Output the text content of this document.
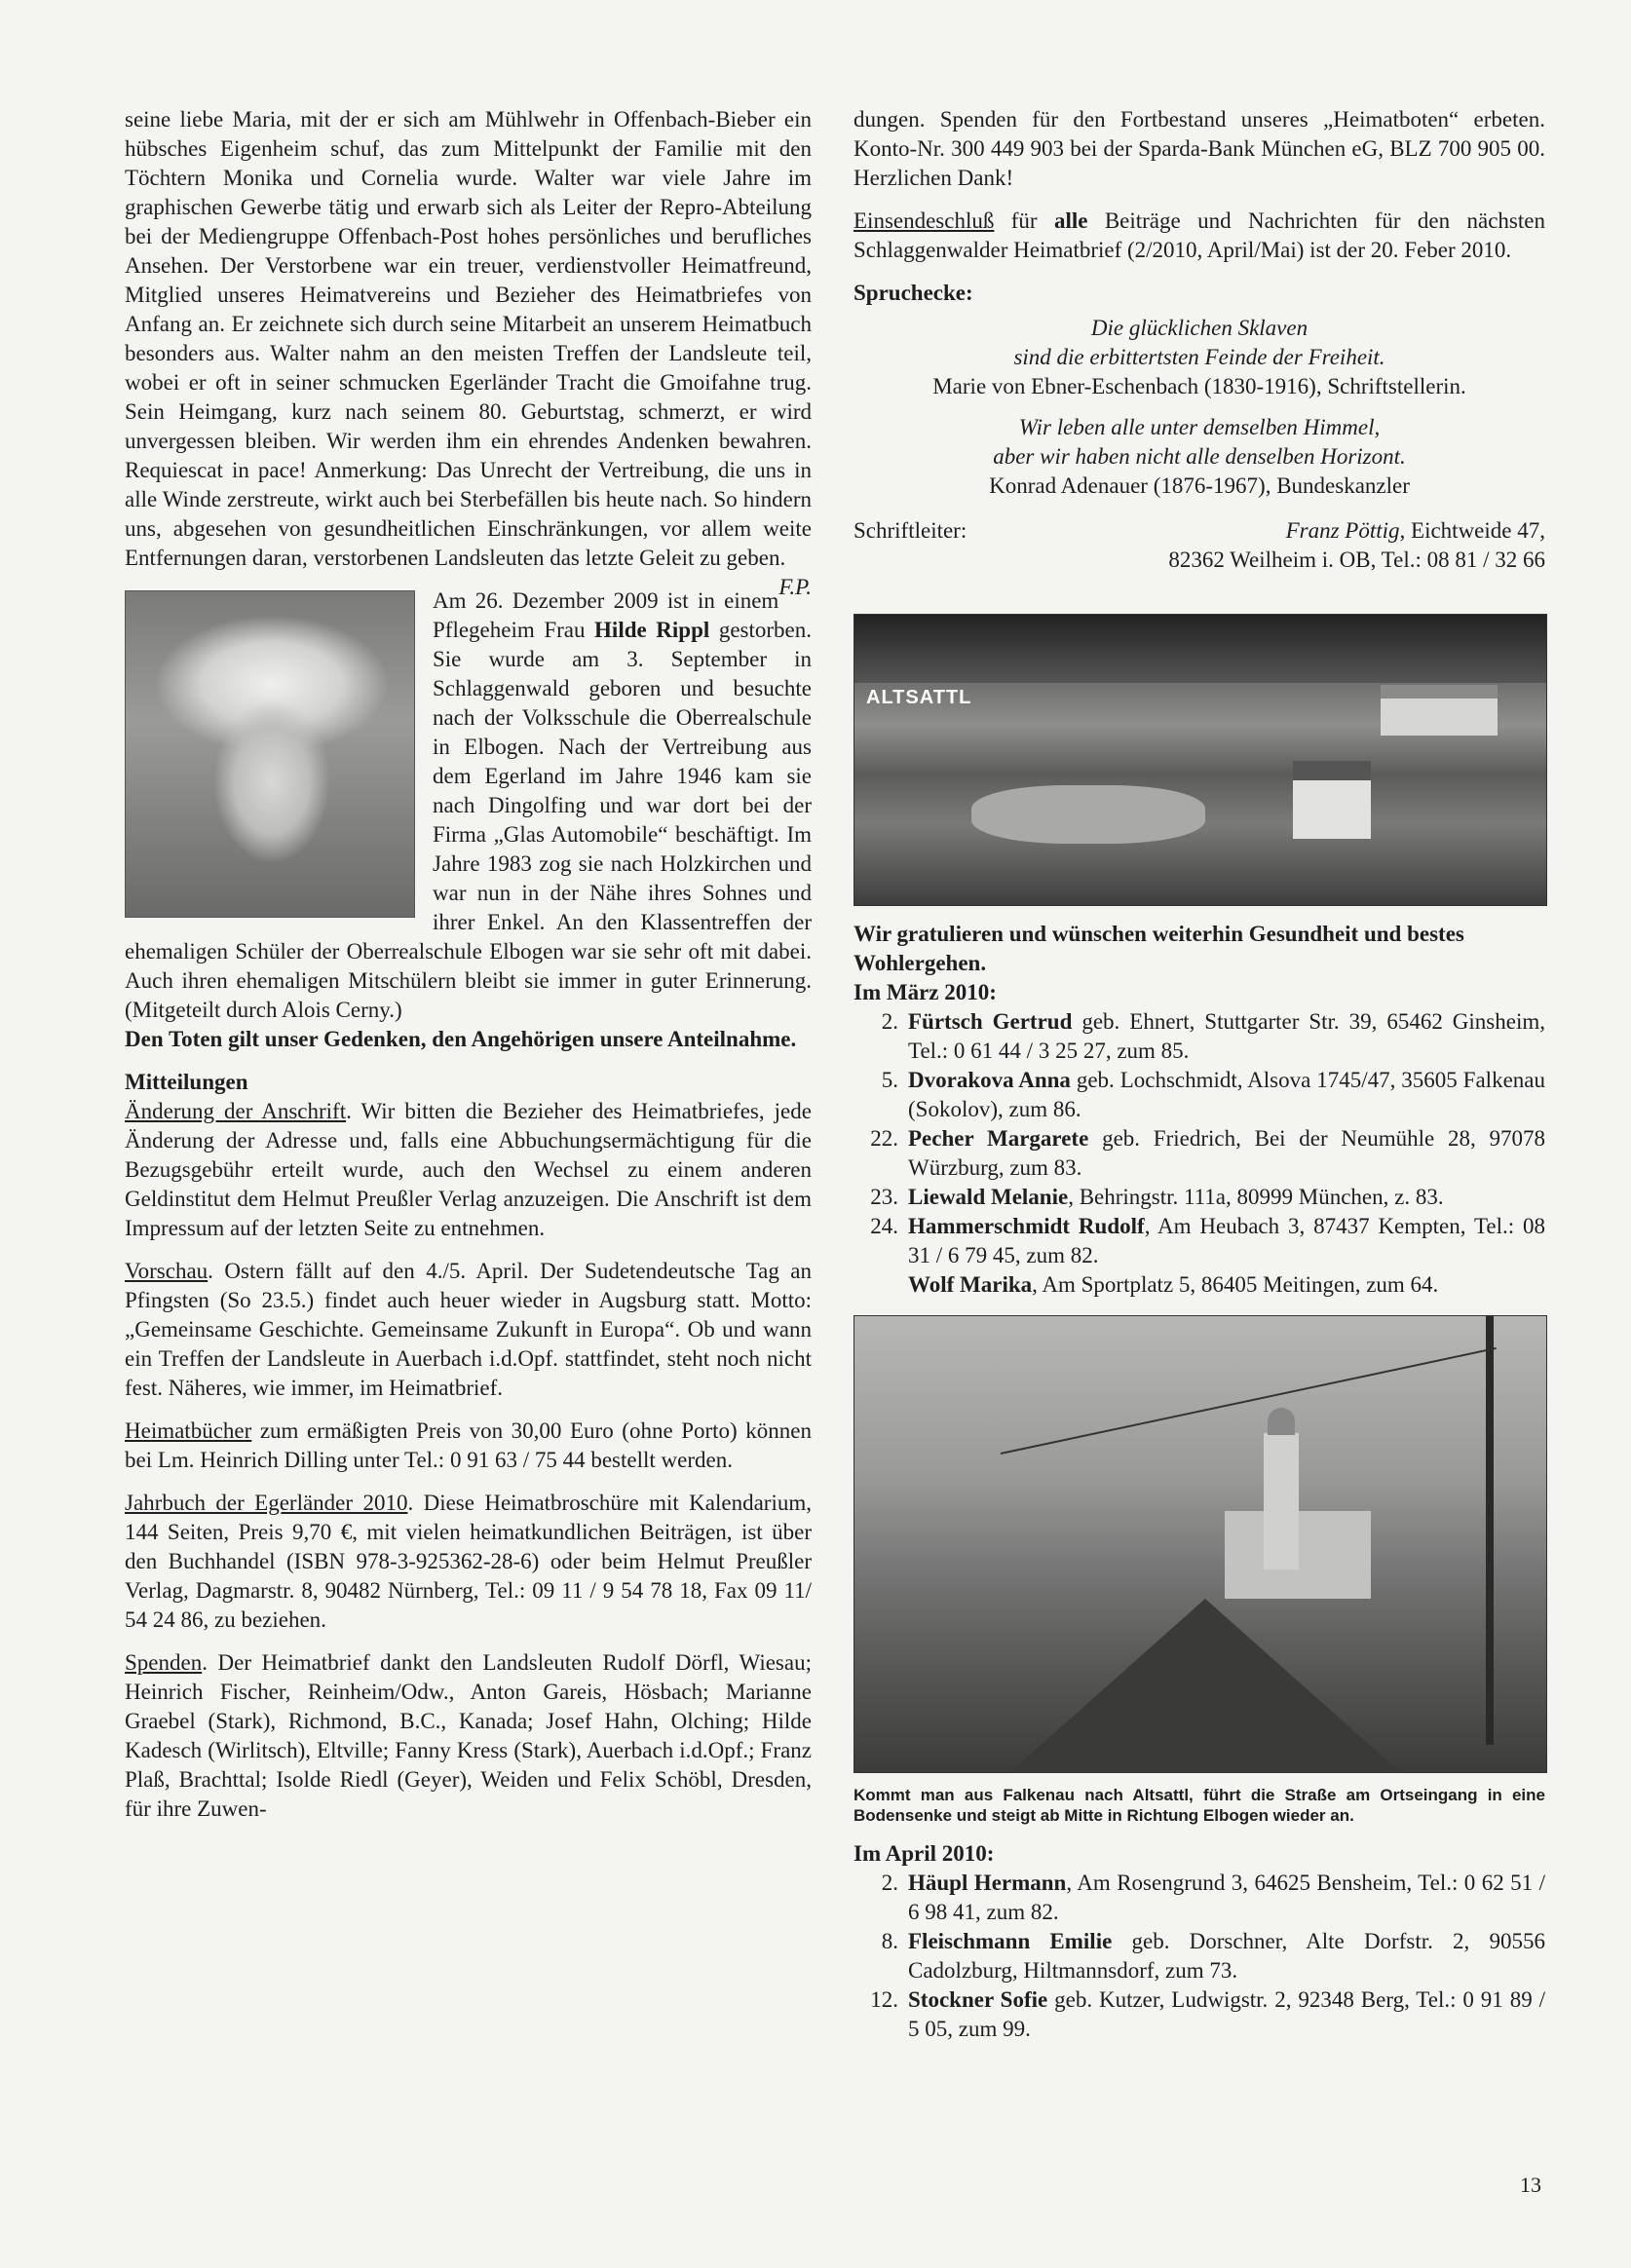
seine liebe Maria, mit der er sich am Mühlwehr in Offenbach-Bieber ein hübsches Eigenheim schuf, das zum Mittelpunkt der Familie mit den Töchtern Monika und Cornelia wurde. Walter war viele Jahre im graphischen Gewerbe tätig und erwarb sich als Leiter der Repro-Abteilung bei der Mediengruppe Offenbach-Post hohes persönliches und berufliches Ansehen. Der Verstorbene war ein treuer, verdienstvoller Heimatfreund, Mitglied unseres Heimatvereins und Bezieher des Heimatbriefes von Anfang an. Er zeichnete sich durch seine Mitarbeit an unserem Heimatbuch besonders aus. Walter nahm an den meisten Treffen der Landsleute teil, wobei er oft in seiner schmucken Egerländer Tracht die Gmoifahne trug. Sein Heimgang, kurz nach seinem 80. Geburtstag, schmerzt, er wird unvergessen bleiben. Wir werden ihm ein ehrendes Andenken bewahren. Requiescat in pace! Anmerkung: Das Unrecht der Vertreibung, die uns in alle Winde zerstreute, wirkt auch bei Sterbefällen bis heute nach. So hindern uns, abgesehen von gesundheitlichen Einschränkungen, vor allem weite Entfernungen daran, verstorbenen Landsleuten das letzte Geleit zu geben.
F.P.

Am 26. Dezember 2009 ist in einem Pflegeheim Frau Hilde Rippl gestorben. Sie wurde am 3. September in Schlaggenwald geboren und besuchte nach der Volksschule die Oberrealschule in Elbogen. Nach der Vertreibung aus dem Egerland im Jahre 1946 kam sie nach Dingolfing und war dort bei der Firma „Glas Automobile“ beschäftigt. Im Jahre 1983 zog sie nach Holzkirchen und war nun in der Nähe ihres Sohnes und ihrer Enkel. An den Klassentreffen der ehemaligen Schüler der Oberrealschule Elbogen war sie sehr oft mit dabei. Auch ihren ehemaligen Mitschülern bleibt sie immer in guter Erinnerung. (Mitgeteilt durch Alois Cerny.)

Den Toten gilt unser Gedenken, den Angehörigen unsere Anteilnahme.

Mitteilungen

Änderung der Anschrift. Wir bitten die Bezieher des Heimatbriefes, jede Änderung der Adresse und, falls eine Abbuchungsermächtigung für die Bezugsgebühr erteilt wurde, auch den Wechsel zu einem anderen Geldinstitut dem Helmut Preußler Verlag anzuzeigen. Die Anschrift ist dem Impressum auf der letzten Seite zu entnehmen.

Vorschau. Ostern fällt auf den 4./5. April. Der Sudetendeutsche Tag an Pfingsten (So 23.5.) findet auch heuer wieder in Augsburg statt. Motto: „Gemeinsame Geschichte. Gemeinsame Zukunft in Europa“. Ob und wann ein Treffen der Landsleute in Auerbach i.d.Opf. stattfindet, steht noch nicht fest. Näheres, wie immer, im Heimatbrief.

Heimatbücher zum ermäßigten Preis von 30,00 Euro (ohne Porto) können bei Lm. Heinrich Dilling unter Tel.: 0 91 63 / 75 44 bestellt werden.

Jahrbuch der Egerländer 2010. Diese Heimatbroschüre mit Kalendarium, 144 Seiten, Preis 9,70 €, mit vielen heimatkundlichen Beiträgen, ist über den Buchhandel (ISBN 978-3-925362-28-6) oder beim Helmut Preußler Verlag, Dagmarstr. 8, 90482 Nürnberg, Tel.: 09 11 / 9 54 78 18, Fax 09 11/ 54 24 86, zu beziehen.

Spenden. Der Heimatbrief dankt den Landsleuten Rudolf Dörfl, Wiesau; Heinrich Fischer, Reinheim/Odw., Anton Gareis, Hösbach; Marianne Graebel (Stark), Richmond, B.C., Kanada; Josef Hahn, Olching; Hilde Kadesch (Wirlitsch), Eltville; Fanny Kress (Stark), Auerbach i.d.Opf.; Franz Plaß, Brachttal; Isolde Riedl (Geyer), Weiden und Felix Schöbl, Dresden, für ihre Zuwen-

dungen. Spenden für den Fortbestand unseres „Heimatboten“ erbeten. Konto-Nr. 300 449 903 bei der Sparda-Bank München eG, BLZ 700 905 00. Herzlichen Dank!

Einsendeschluß für alle Beiträge und Nachrichten für den nächsten Schlaggenwalder Heimatbrief (2/2010, April/Mai) ist der 20. Feber 2010.

Spruchecke:

Die glücklichen Sklaven

sind die erbittertsten Feinde der Freiheit.

Marie von Ebner-Eschenbach (1830-1916), Schriftstellerin.

Wir leben alle unter demselben Himmel,

aber wir haben nicht alle denselben Horizont.

Konrad Adenauer (1876-1967), Bundeskanzler

Schriftleiter:	Franz Pöttig, Eichtweide 47,

82362 Weilheim i. OB, Tel.: 08 81 / 32 66

ALTSATTL

Wir gratulieren und wünschen weiterhin Gesundheit und bestes Wohlergehen.

Im März 2010:

2. Fürtsch Gertrud geb. Ehnert, Stuttgarter Str. 39, 65462 Ginsheim, Tel.: 0 61 44 / 3 25 27, zum 85.
5. Dvorakova Anna geb. Lochschmidt, Alsova 1745/47, 35605 Falkenau (Sokolov), zum 86.
22. Pecher Margarete geb. Friedrich, Bei der Neumühle 28, 97078 Würzburg, zum 83.
23. Liewald Melanie, Behringstr. 111a, 80999 München, z. 83.
24. Hammerschmidt Rudolf, Am Heubach 3, 87437 Kempten, Tel.: 08 31 / 6 79 45, zum 82.
Wolf Marika, Am Sportplatz 5, 86405 Meitingen, zum 64.

Kommt man aus Falkenau nach Altsattl, führt die Straße am Ortseingang in eine Bodensenke und steigt ab Mitte in Richtung Elbogen wieder an.

Im April 2010:

2. Häupl Hermann, Am Rosengrund 3, 64625 Bensheim, Tel.: 0 62 51 / 6 98 41, zum 82.
8. Fleischmann Emilie geb. Dorschner, Alte Dorfstr. 2, 90556 Cadolzburg, Hiltmannsdorf, zum 73.
12. Stockner Sofie geb. Kutzer, Ludwigstr. 2, 92348 Berg, Tel.: 0 91 89 / 5 05, zum 99.
13
